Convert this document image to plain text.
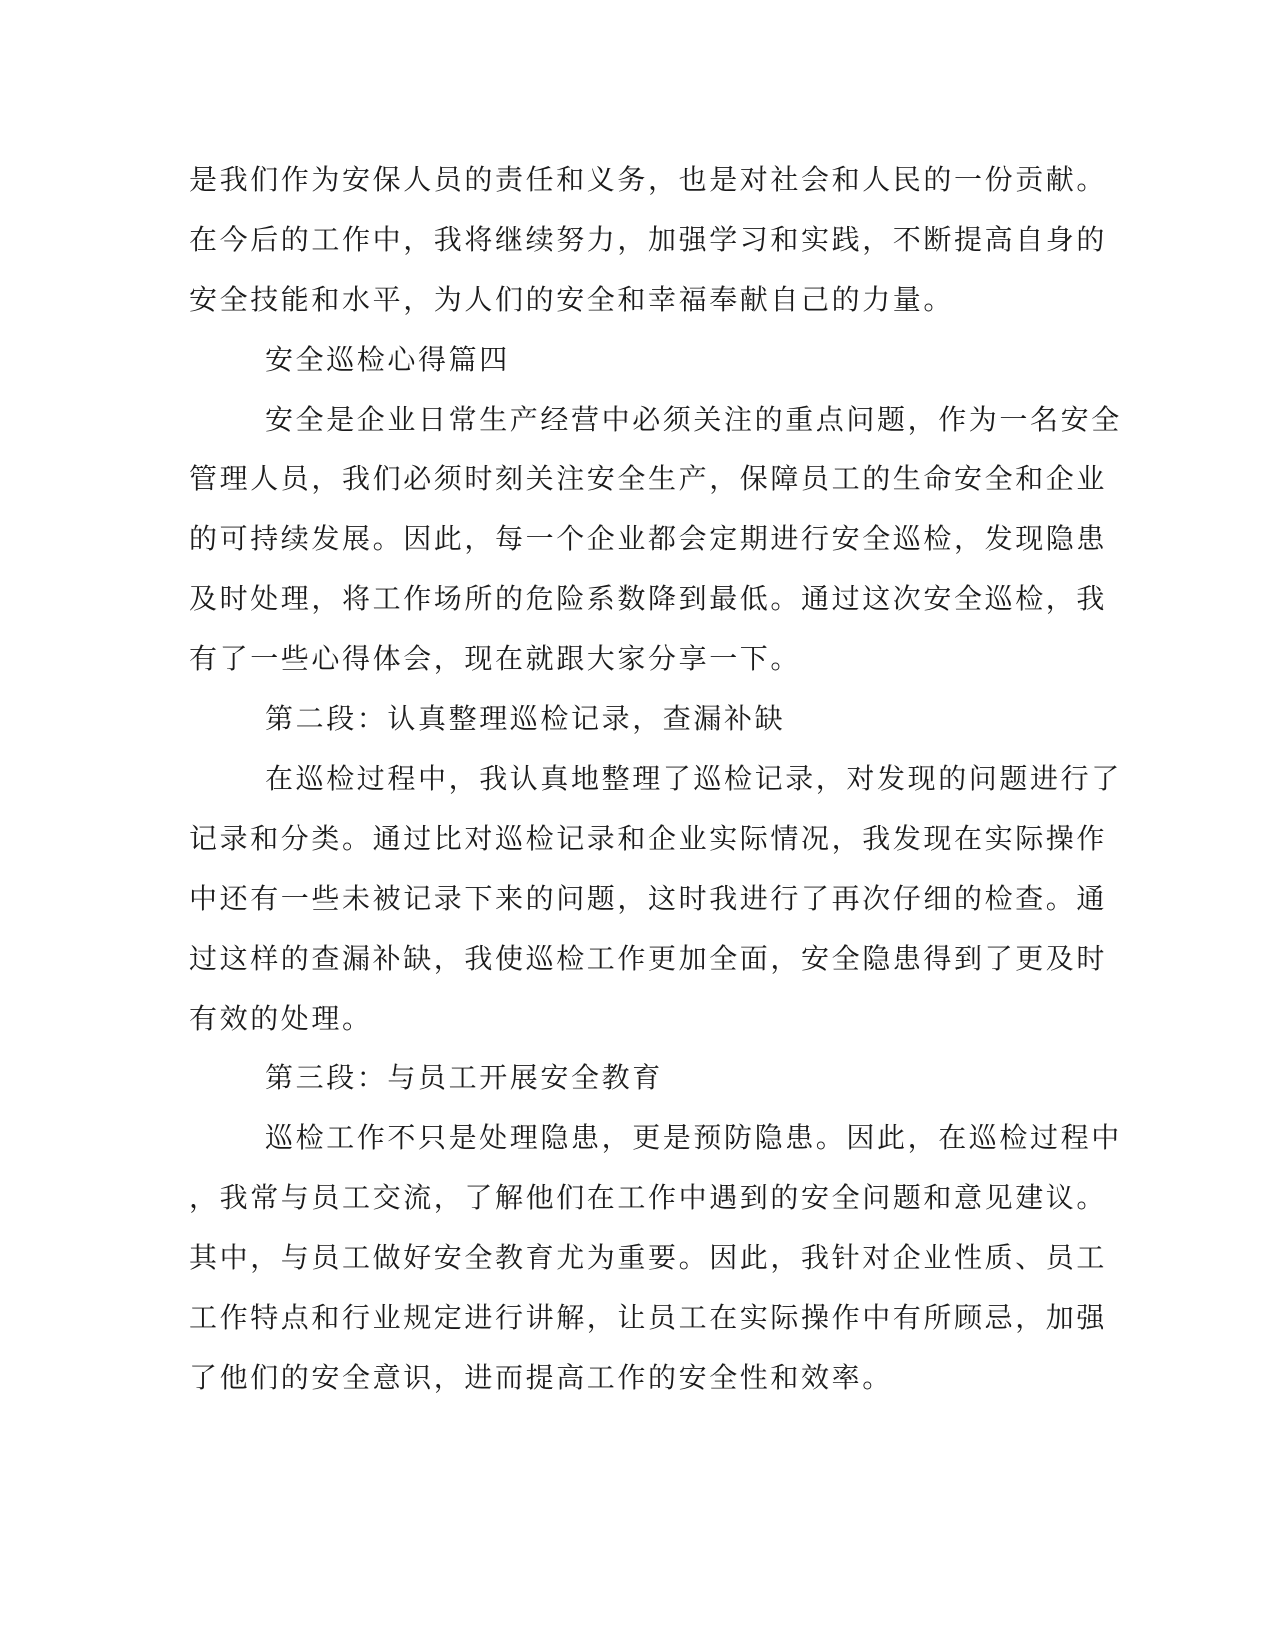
是我们作为安保人员的责任和义务，也是对社会和人民的一份贡献。
在今后的工作中，我将继续努力，加强学习和实践，不断提高自身的
安全技能和水平，为人们的安全和幸福奉献自己的力量。
安全巡检心得篇四
安全是企业日常生产经营中必须关注的重点问题，作为一名安全
管理人员，我们必须时刻关注安全生产，保障员工的生命安全和企业
的可持续发展。因此，每一个企业都会定期进行安全巡检，发现隐患
及时处理，将工作场所的危险系数降到最低。通过这次安全巡检，我
有了一些心得体会，现在就跟大家分享一下。
第二段：认真整理巡检记录，查漏补缺
在巡检过程中，我认真地整理了巡检记录，对发现的问题进行了
记录和分类。通过比对巡检记录和企业实际情况，我发现在实际操作
中还有一些未被记录下来的问题，这时我进行了再次仔细的检查。通
过这样的查漏补缺，我使巡检工作更加全面，安全隐患得到了更及时
有效的处理。
第三段：与员工开展安全教育
巡检工作不只是处理隐患，更是预防隐患。因此，在巡检过程中
，我常与员工交流，了解他们在工作中遇到的安全问题和意见建议。
其中，与员工做好安全教育尤为重要。因此，我针对企业性质、员工
工作特点和行业规定进行讲解，让员工在实际操作中有所顾忌，加强
了他们的安全意识，进而提高工作的安全性和效率。
